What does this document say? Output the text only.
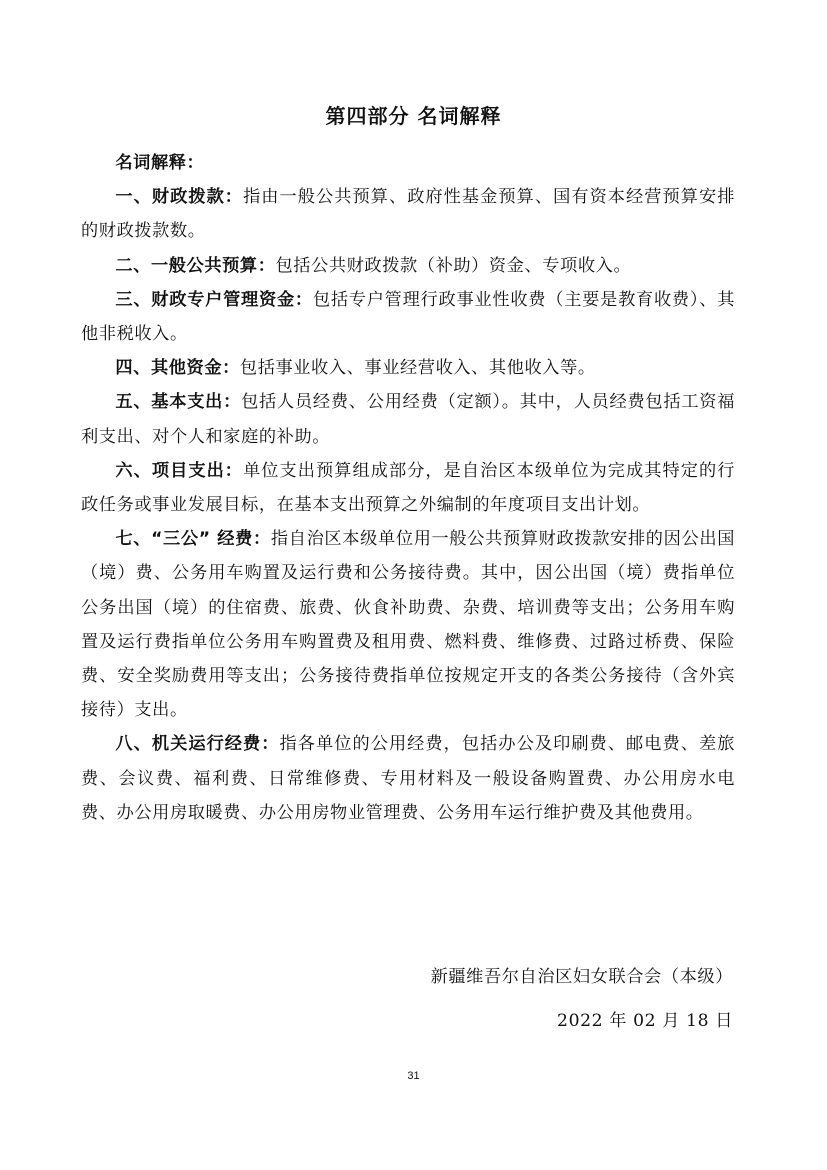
第四部分 名词解释

名词解释：

一、财政拨款：指由一般公共预算、政府性基金预算、国有资本经营预算安排的财政拨款数。

二、一般公共预算：包括公共财政拨款（补助）资金、专项收入。

三、财政专户管理资金：包括专户管理行政事业性收费（主要是教育收费）、其他非税收入。

四、其他资金：包括事业收入、事业经营收入、其他收入等。

五、基本支出：包括人员经费、公用经费（定额）。其中，人员经费包括工资福利支出、对个人和家庭的补助。

六、项目支出：单位支出预算组成部分，是自治区本级单位为完成其特定的行政任务或事业发展目标，在基本支出预算之外编制的年度项目支出计划。

七、“三公” 经费：指自治区本级单位用一般公共预算财政拨款安排的因公出国（境）费、公务用车购置及运行费和公务接待费。其中，因公出国（境）费指单位公务出国（境）的住宿费、旅费、伙食补助费、杂费、培训费等支出；公务用车购置及运行费指单位公务用车购置费及租用费、燃料费、维修费、过路过桥费、保险费、安全奖励费用等支出；公务接待费指单位按规定开支的各类公务接待（含外宾接待）支出。

八、机关运行经费：指各单位的公用经费，包括办公及印刷费、邮电费、差旅费、会议费、福利费、日常维修费、专用材料及一般设备购置费、办公用房水电费、办公用房取暖费、办公用房物业管理费、公务用车运行维护费及其他费用。

新疆维吾尔自治区妇女联合会（本级）
2022 年 02 月 18 日
31
